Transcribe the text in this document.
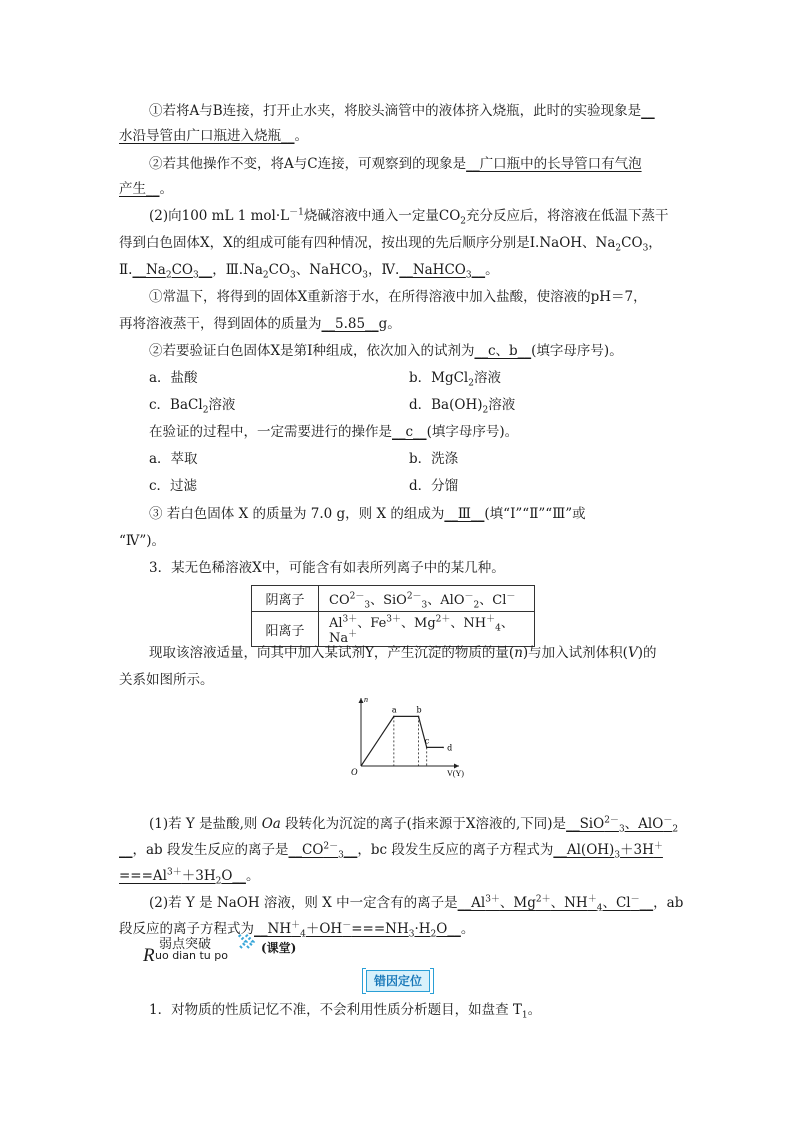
①若将A与B连接，打开止水夹，将胶头滴管中的液体挤入烧瓶，此时的实验现象是__
水沿导管由广口瓶进入烧瓶__。
②若其他操作不变，将A与C连接，可观察到的现象是__广口瓶中的长导管口有气泡
产生__。
(2)向100 mL 1 $mol\cdot L^{-1}$烧碱溶液中通入一定量$CO_2$充分反应后，将溶液在低温下蒸干
得到白色固体X，X的组成可能有四种情况，按出现的先后顺序分别是Ⅰ.NaOH、$Na_2CO_3$，
$Ⅱ.\_\_Na_2CO_3\_\_$，$Ⅲ.Na_2CO_3$、NaHCO$_3$，Ⅳ.__NaHCO$_3$__。
①常温下，将得到的固体X重新溶于水，在所得溶液中加入盐酸，使溶液的pH＝7，
再将溶液蒸干，得到固体的质量为__5.85__g。
②若要验证白色固体X是第Ⅰ种组成，依次加入的试剂为__c、b__(填字母序号)。
a．盐酸	b．MgCl$_2$溶液
c．BaCl$_2$溶液	d．$Ba(OH)_2$溶液
在验证的过程中，一定需要进行的操作是__c__(填字母序号)。
a．萃取	b．洗涤
c．过滤	d．分馏
③ 若白色固体 X 的质量为 7.0 g，则 X 的组成为__Ⅲ__(填“Ⅰ”“Ⅱ”“Ⅲ”或
“Ⅳ”)。
3．某无色稀溶液X中，可能含有如表所列离子中的某几种。
阴离子	$CO^{2-}_3$、SiO$^{2-}_3$、AlO－$_2$、Cl－
阳离子	$Al^{3+}$、$Fe^{3+}$、$Mg^{2+}$、$NH^+_4$、Na＋
现取该溶液适量，向其中加入某试剂Y，产生沉淀的物质的量(n)与加入试剂体积(V)的
关系如图所示。
a b
c
d
O
n
V(Y)
(1)若 Y 是盐酸,则 Oa 段转化为沉淀的离子(指来源于X溶液的,下同)是__SiO$^{2-}_3$、AlO－$_2$
__，ab 段发生反应的离子是$\_\_CO^{2-}_3\_\_$，bc 段发生反应的离子方程式为$\_\_Al(OH)_3+3H^+$
$===Al^{3+}+3H_2O\_\_$。
(2)若 Y 是 NaOH 溶液，则 X 中一定含有的离子是$\_\_Al^{3+}$、$Mg^{2+}$、$NH^+_4$、Cl－__，ab
段反应的离子方程式为$\_\_NH^+_4+OH^-===NH_3\cdot H_2O\_\_$。
R
弱点突破
uo dian tu po
(课堂)
错因定位
1．对物质的性质记忆不准，不会利用性质分析题目，如盘查 $T_1$。
